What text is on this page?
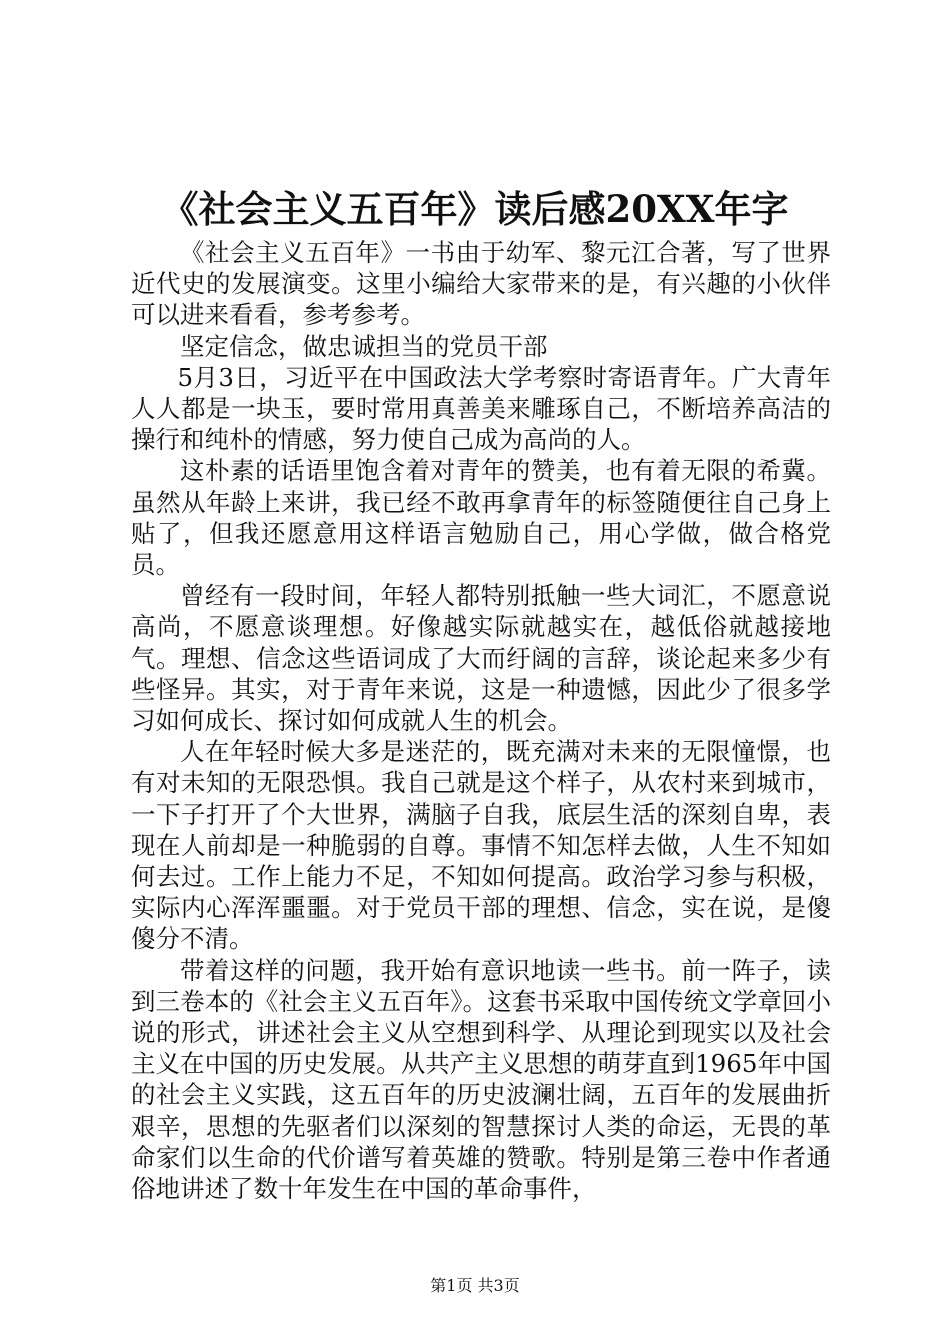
《社会主义五百年》读后感20XX年字

《社会主义五百年》一书由于幼军、黎元江合著，写了世界近代史的发展演变。这里小编给大家带来的是，有兴趣的小伙伴可以进来看看，参考参考。

坚定信念，做忠诚担当的党员干部

5月3日，习近平在中国政法大学考察时寄语青年。广大青年人人都是一块玉，要时常用真善美来雕琢自己，不断培养高洁的操行和纯朴的情感，努力使自己成为高尚的人。

这朴素的话语里饱含着对青年的赞美，也有着无限的希冀。虽然从年龄上来讲，我已经不敢再拿青年的标签随便往自己身上贴了，但我还愿意用这样语言勉励自己，用心学做，做合格党员。

曾经有一段时间，年轻人都特别抵触一些大词汇，不愿意说高尚，不愿意谈理想。好像越实际就越实在，越低俗就越接地气。理想、信念这些语词成了大而纡阔的言辞，谈论起来多少有些怪异。其实，对于青年来说，这是一种遗憾，因此少了很多学习如何成长、探讨如何成就人生的机会。

人在年轻时候大多是迷茫的，既充满对未来的无限憧憬，也有对未知的无限恐惧。我自己就是这个样子，从农村来到城市，一下子打开了个大世界，满脑子自我，底层生活的深刻自卑，表现在人前却是一种脆弱的自尊。事情不知怎样去做，人生不知如何去过。工作上能力不足，不知如何提高。政治学习参与积极，实际内心浑浑噩噩。对于党员干部的理想、信念，实在说，是傻傻分不清。

带着这样的问题，我开始有意识地读一些书。前一阵子，读到三卷本的《社会主义五百年》。这套书采取中国传统文学章回小说的形式，讲述社会主义从空想到科学、从理论到现实以及社会主义在中国的历史发展。从共产主义思想的萌芽直到1965年中国的社会主义实践，这五百年的历史波澜壮阔，五百年的发展曲折艰辛，思想的先驱者们以深刻的智慧探讨人类的命运，无畏的革命家们以生命的代价谱写着英雄的赞歌。特别是第三卷中作者通俗地讲述了数十年发生在中国的革命事件，

第1页 共3页
